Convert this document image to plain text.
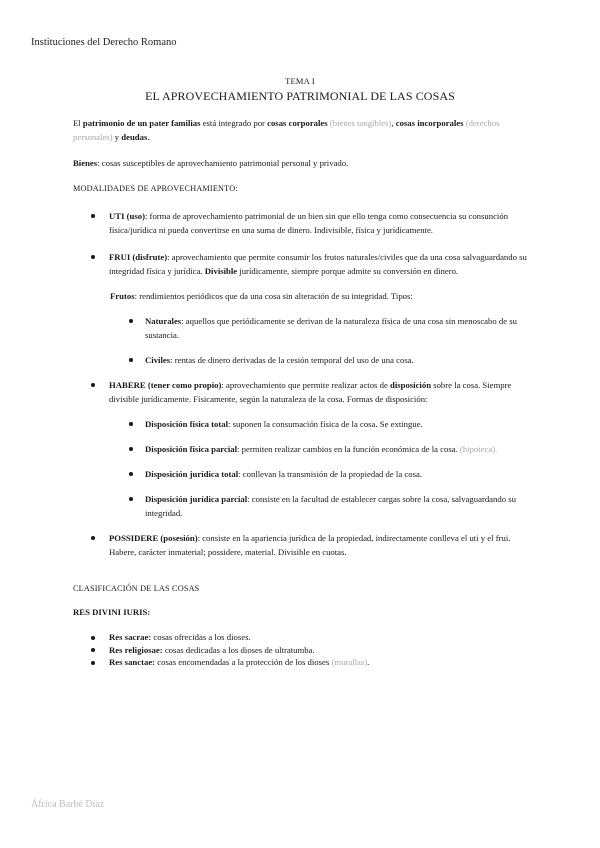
Instituciones del Derecho Romano
TEMA I
EL APROVECHAMIENTO PATRIMONIAL DE LAS COSAS

El patrimonio de un pater familias está integrado por cosas corporales (bienes tangibles), cosas incorporales (derechos personales) y deudas.

Bienes: cosas susceptibles de aprovechamiento patrimonial personal y privado.

MODALIDADES DE APROVECHAMIENTO:

UTI (uso): forma de aprovechamiento patrimonial de un bien sin que ello tenga como consecuencia su consunción física/jurídica ni pueda convertirse en una suma de dinero. Indivisible, física y jurídicamente.
FRUI (disfrute): aprovechamiento que permite consumir los frutos naturales/civiles que da una cosa salvaguardando su integridad física y jurídica. Divisible jurídicamente, siempre porque admite su conversión en dinero.

Frutos: rendimientos periódicos que da una cosa sin alteración de su integridad. Tipos:

Naturales: aquellos que periódicamente se derivan de la naturaleza física de una cosa sin menoscabo de su sustancia.
Civiles: rentas de dinero derivadas de la cesión temporal del uso de una cosa.
HABERE (tener como propio): aprovechamiento que permite realizar actos de disposición sobre la cosa. Siempre divisible jurídicamente. Físicamente, según la naturaleza de la cosa. Formas de disposición:
Disposición física total: suponen la consumación física de la cosa. Se extingue.
Disposición física parcial: permiten realizar cambios en la función económica de la cosa. (hipoteca).
Disposición jurídica total: conllevan la transmisión de la propiedad de la cosa.
Disposición jurídica parcial: consiste en la facultad de establecer cargas sobre la cosa, salvaguardando su integridad.
POSSIDERE (posesión): consiste en la apariencia jurídica de la propiedad, indirectamente conlleva el uti y el frui. Habere, carácter inmaterial; possidere, material. Divisible en cuotas.

CLASIFICACIÓN DE LAS COSAS

RES DIVINI IURIS:

Res sacrae: cosas ofrecidas a los dioses.
Res religiosae: cosas dedicadas a los dioses de ultratumba.
Res sanctae: cosas encomendadas a la protección de los dioses (murallas).
África Barbé Díaz
